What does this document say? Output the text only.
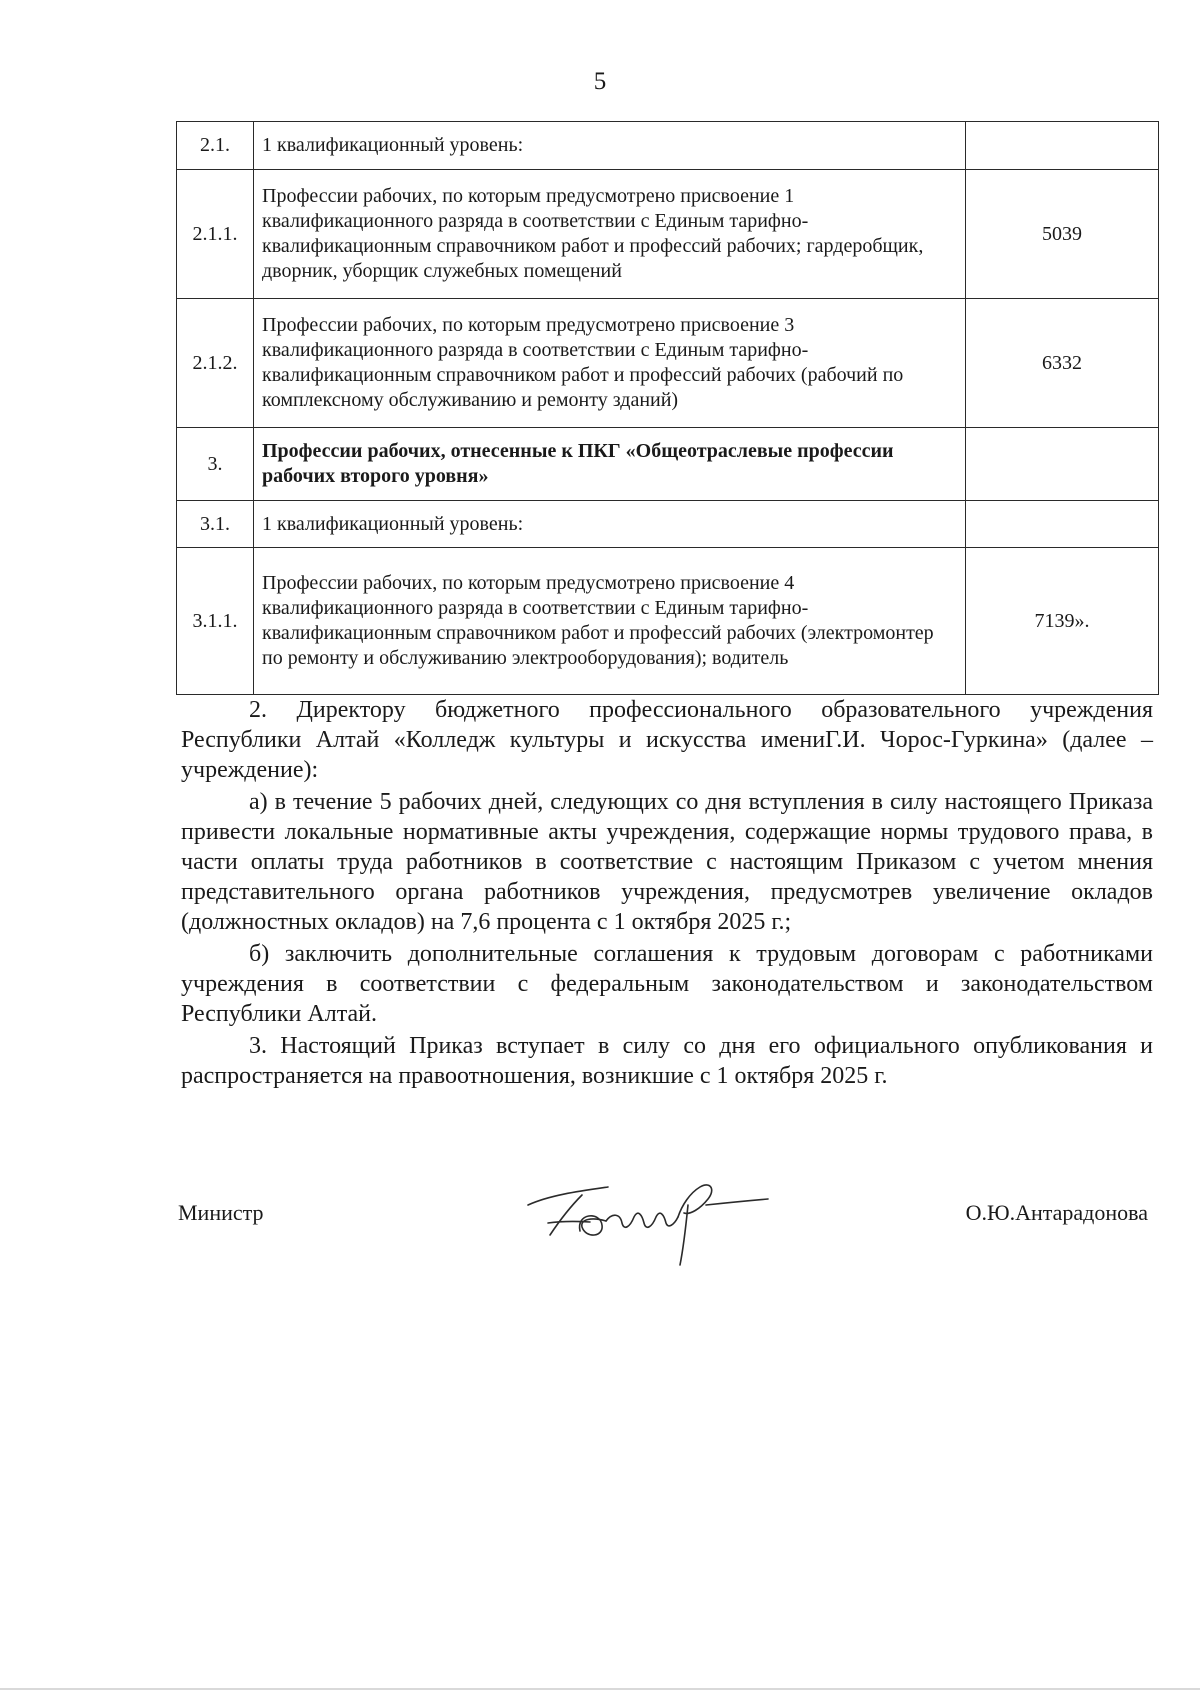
5
2.1.	1 квалификационный уровень:	
2.1.1.	Профессии рабочих, по которым предусмотрено присвоение 1 квалификационного разряда в соответствии с Единым тарифно-квалификационным справочником работ и профессий рабочих; гардеробщик, дворник, уборщик служебных помещений	5039
2.1.2.	Профессии рабочих, по которым предусмотрено присвоение 3 квалификационного разряда в соответствии с Единым тарифно-квалификационным справочником работ и профессий рабочих (рабочий по комплексному обслуживанию и ремонту зданий)	6332
3.	Профессии рабочих, отнесенные к ПКГ «Общеотраслевые профессии рабочих второго уровня»	
3.1.	1 квалификационный уровень:	
3.1.1.	Профессии рабочих, по которым предусмотрено присвоение 4 квалификационного разряда в соответствии с Единым тарифно-квалификационным справочником работ и профессий рабочих (электромонтер по ремонту и обслуживанию электрооборудования); водитель	7139».

2. Директору бюджетного профессионального образовательного учреждения Республики Алтай «Колледж культуры и искусства имениГ.И. Чорос-Гуркина» (далее – учреждение):

а) в течение 5 рабочих дней, следующих со дня вступления в силу настоящего Приказа привести локальные нормативные акты учреждения, содержащие нормы трудового права, в части оплаты труда работников в соответствие с настоящим Приказом с учетом мнения представительного органа работников учреждения, предусмотрев увеличение окладов (должностных окладов) на 7,6 процента с 1 октября 2025 г.;

б) заключить дополнительные соглашения к трудовым договорам с работниками учреждения в соответствии с федеральным законодательством и законодательством Республики Алтай.

3. Настоящий Приказ вступает в силу со дня его официального опубликования и распространяется на правоотношения, возникшие с 1 октября 2025 г.

Министр	О.Ю.Антарадонова
